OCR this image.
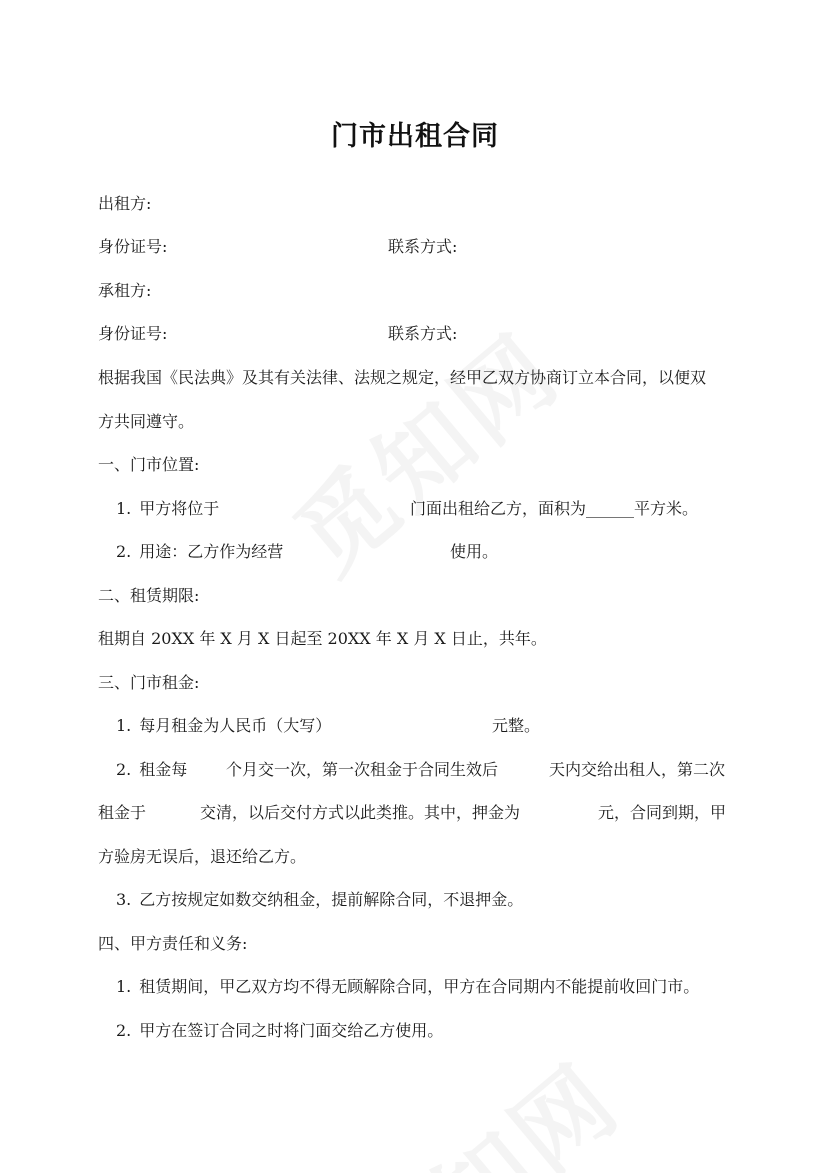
门市出租合同
出租方:
身份证号:	联系方式:
承租方:
身份证号:	联系方式:
根据我国《民法典》及其有关法律、法规之规定，经甲乙双方协商订立本合同，以便双
方共同遵守。
一、门市位置:
1. 甲方将位于	门面出租给乙方，面积为______平方米。
2. 用途：乙方作为经营	使用。
二、租赁期限:
租期自 20XX 年 X 月 X 日起至 20XX 年 X 月 X 日止，共年。
三、门市租金:
1. 每月租金为人民币（大写）	元整。
2. 租金每 个月交一次，第一次租金于合同生效后	天内交给出租人，第二次
租金于	交清，以后交付方式以此类推。其中，押金为	元，合同到期，甲
方验房无误后，退还给乙方。
3. 乙方按规定如数交纳租金，提前解除合同，不退押金。
四、甲方责任和义务:
1. 租赁期间，甲乙双方均不得无顾解除合同，甲方在合同期内不能提前收回门市。
2. 甲方在签订合同之时将门面交给乙方使用。
